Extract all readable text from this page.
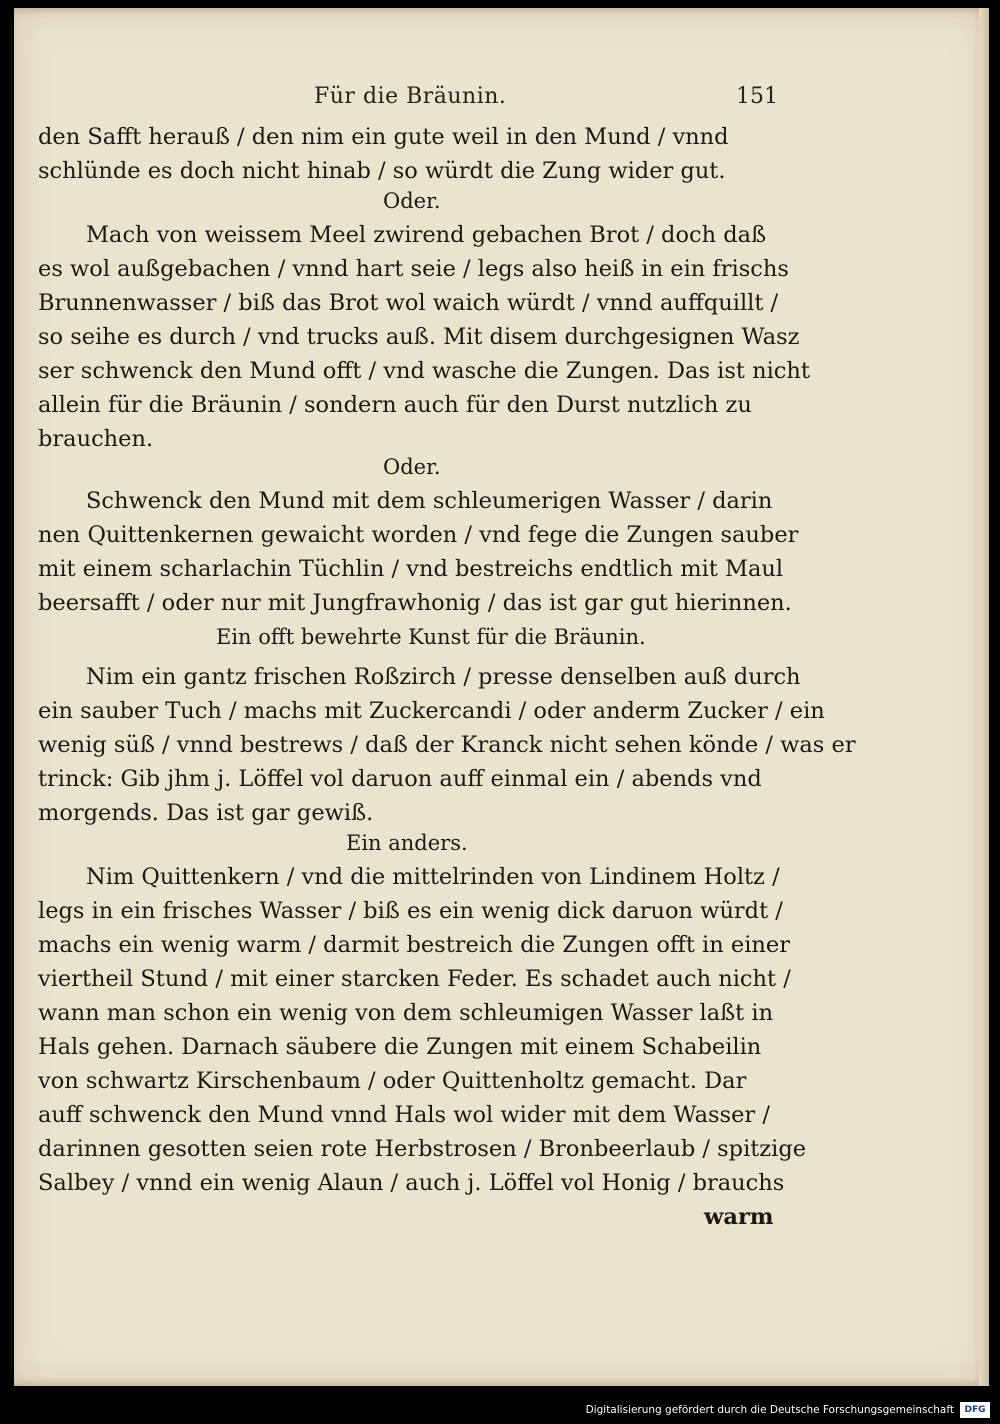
Für die Bräunin.	151
den Safft herauß / den nim ein gute weil in den Mund / vnnd
schlünde es doch nicht hinab / so würdt die Zung wider gut.
Oder.
Mach von weissem Meel zwirend gebachen Brot / doch daß
es wol außgebachen / vnnd hart seie / legs also heiß in ein frischs
Brunnenwasser / biß das Brot wol waich würdt / vnnd auffquillt /
so seihe es durch / vnd trucks auß. Mit disem durchgesignen Wasz
ser schwenck den Mund offt / vnd wasche die Zungen. Das ist nicht
allein für die Bräunin / sondern auch für den Durst nutzlich zu
brauchen.
Oder.
Schwenck den Mund mit dem schleumerigen Wasser / darin
nen Quittenkernen gewaicht worden / vnd fege die Zungen sauber
mit einem scharlachin Tüchlin / vnd bestreichs endtlich mit Maul
beersafft / oder nur mit Jungfrawhonig / das ist gar gut hierinnen.
Ein offt bewehrte Kunst für die Bräunin.
Nim ein gantz frischen Roßzirch / presse denselben auß durch
ein sauber Tuch / machs mit Zuckercandi / oder anderm Zucker / ein
wenig süß / vnnd bestrews / daß der Kranck nicht sehen könde / was er
trinck: Gib jhm j. Löffel vol daruon auff einmal ein / abends vnd
morgends. Das ist gar gewiß.
Ein anders.
Nim Quittenkern / vnd die mittelrinden von Lindinem Holtz /
legs in ein frisches Wasser / biß es ein wenig dick daruon würdt /
machs ein wenig warm / darmit bestreich die Zungen offt in einer
viertheil Stund / mit einer starcken Feder. Es schadet auch nicht /
wann man schon ein wenig von dem schleumigen Wasser laßt in
Hals gehen. Darnach säubere die Zungen mit einem Schabeilin
von schwartz Kirschenbaum / oder Quittenholtz gemacht. Dar
auff schwenck den Mund vnnd Hals wol wider mit dem Wasser /
darinnen gesotten seien rote Herbstrosen / Bronbeerlaub / spitzige
Salbey / vnnd ein wenig Alaun / auch j. Löffel vol Honig / brauchs
warm
Digitalisierung gefördert durch die Deutsche Forschungsgemeinschaft	DFG
